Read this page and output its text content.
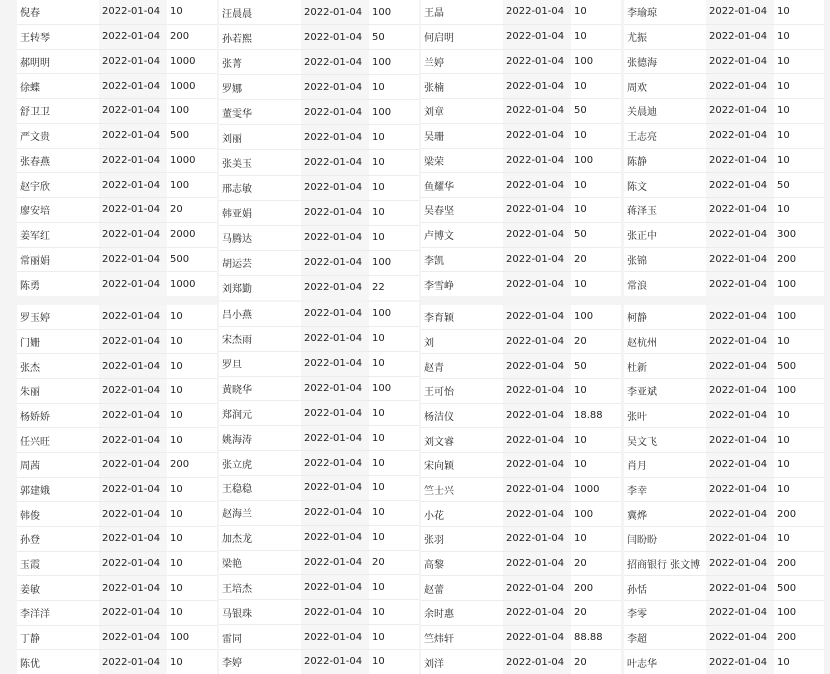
倪春	2022-01-04 10
王转琴	2022-01-04 200
郝明明	2022-01-04 1000
徐蝶	2022-01-04 1000
舒卫卫	2022-01-04 100
严文贵	2022-01-04 500
张春燕	2022-01-04 1000
赵宇欣	2022-01-04 100
廖安培	2022-01-04 20
姜军红	2022-01-04 2000
常丽娟	2022-01-04 500
陈勇	2022-01-04 1000
汪晨晨	2022-01-04 100
孙若熙	2022-01-04 50
张菁	2022-01-04 100
罗娜	2022-01-04 10
董雯华	2022-01-04 100
刘丽	2022-01-04 10
张美玉	2022-01-04 10
邢志敏	2022-01-04 10
韩亚娟	2022-01-04 10
马腾达	2022-01-04 10
胡运芸	2022-01-04 100
刘郑勤	2022-01-04 22
王晶	2022-01-04 10
何启明	2022-01-04 10
兰婷	2022-01-04 100
张楠	2022-01-04 10
刘章	2022-01-04 50
吴珊	2022-01-04 10
梁荣	2022-01-04 100
鱼耀华	2022-01-04 10
吴春坚	2022-01-04 10
卢博文	2022-01-04 50
李凯	2022-01-04 20
李雪峥	2022-01-04 10
李瑜琼	2022-01-04 10
尤振	2022-01-04 10
张德海	2022-01-04 10
周欢	2022-01-04 10
关晨迪	2022-01-04 10
王志亮	2022-01-04 10
陈静	2022-01-04 10
陈文	2022-01-04 50
蒋泽玉	2022-01-04 10
张正中	2022-01-04 300
张锦	2022-01-04 200
常浪	2022-01-04 100
罗玉婷	2022-01-04 10
门姗	2022-01-04 10
张杰	2022-01-04 10
朱丽	2022-01-04 10
杨娇娇	2022-01-04 10
任兴旺	2022-01-04 10
周茜	2022-01-04 200
郭建娥	2022-01-04 10
韩俊	2022-01-04 10
孙登	2022-01-04 10
玉霞	2022-01-04 10
姜敏	2022-01-04 10
李洋洋	2022-01-04 10
丁静	2022-01-04 100
陈优	2022-01-04 10
吕小燕	2022-01-04 100
宋杰雨	2022-01-04 10
罗旦	2022-01-04 10
黄晓华	2022-01-04 100
郑润元	2022-01-04 10
姚海涛	2022-01-04 10
张立虎	2022-01-04 10
王稳稳	2022-01-04 10
赵海兰	2022-01-04 10
加杰龙	2022-01-04 10
梁艳	2022-01-04 20
王培杰	2022-01-04 10
马银珠	2022-01-04 10
雷同	2022-01-04 10
李婷	2022-01-04 10
李育颖	2022-01-04 100
刘	2022-01-04 20
赵青	2022-01-04 50
王可怡	2022-01-04 10
杨洁仪	2022-01-04 18.88
刘文睿	2022-01-04 10
宋向颖	2022-01-04 10
竺士兴	2022-01-04 1000
小花	2022-01-04 100
张羽	2022-01-04 10
高黎	2022-01-04 20
赵蕾	2022-01-04 200
余时惠	2022-01-04 20
竺炜轩	2022-01-04 88.88
刘洋	2022-01-04 20
柯静	2022-01-04 100
赵杭州	2022-01-04 10
杜新	2022-01-04 500
李亚斌	2022-01-04 100
张叶	2022-01-04 10
吴文飞	2022-01-04 10
肖月	2022-01-04 10
李幸	2022-01-04 10
冀烨	2022-01-04 200
闫盼盼	2022-01-04 10
招商银行 张文博 2022-01-04 200
孙恬	2022-01-04 500
李零	2022-01-04 100
李超	2022-01-04 200
叶志华	2022-01-04 10
